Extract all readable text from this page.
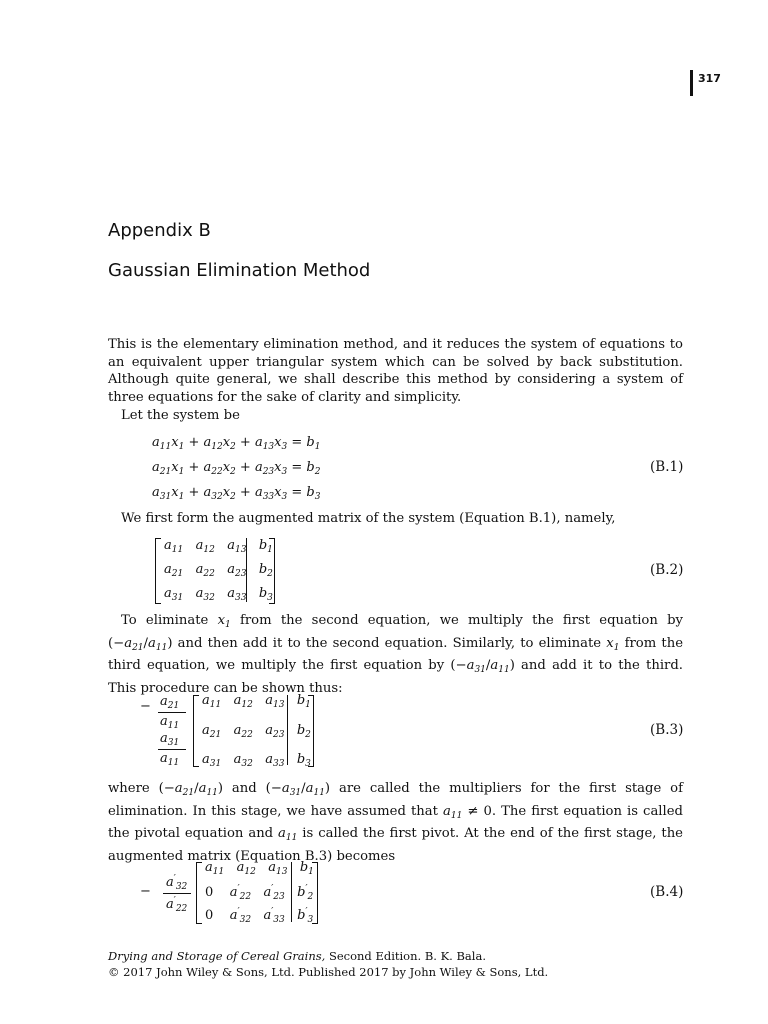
317
Appendix B
Gaussian Elimination Method

This is the elementary elimination method, and it reduces the system of equations to an equivalent upper triangular system which can be solved by back substitution. Although quite general, we shall describe this method by considering a system of three equations for the sake of clarity and simplicity.

Let the system be

$a_{11}x_1 + a_{12}x_2 + a_{13}x_3 = b_1$
$a_{21}x_1 + a_{22}x_2 + a_{23}x_3 = b_2$
$a_{31}x_1 + a_{32}x_2 + a_{33}x_3 = b_3$
(B.1)

We first form the augmented matrix of the system (Equation B.1), namely,

$a_{11}$   $a_{12}$   $a_{13}$   $b_1$
$a_{21}$   $a_{22}$   $a_{23}$   $b_2$
$a_{31}$   $a_{32}$   $a_{33}$   $b_3$
(B.2)

To eliminate $x_1$ from the second equation, we multiply the first equation by $(-a_{21}/a_{11})$ and then add it to the second equation. Similarly, to eliminate $x_1$ from the third equation, we multiply the first equation by $(-a_{31}/a_{11})$ and add it to the third. This procedure can be shown thus:

− $a_{21}$
$a_{11}$
$a_{31}$
$a_{11}$
$a_{11}$   $a_{12}$   $a_{13}$   $b_1$
$a_{21}$   $a_{22}$   $a_{23}$   $b_2$
$a_{31}$   $a_{32}$   $a_{33}$   $b_3$
(B.3)

where $(-a_{21}/a_{11})$ and $(-a_{31}/a_{11})$ are called the multipliers for the first stage of elimination. In this stage, we have assumed that $a_{11} \ne 0$. The first equation is called the pivotal equation and $a_{11}$ is called the first pivot. At the end of the first stage, the augmented matrix (Equation B.3) becomes

−
$a'_{32}$
$a'_{22}$
$a_{11}$   $a_{12}$   $a_{13}$   $b_1$
0    $a'_{22}$   $a'_{23}$   $b'_2$
0    $a'_{32}$   $a'_{33}$   $b'_3$
(B.4)
Drying and Storage of Cereal Grains, Second Edition. B. K. Bala.
© 2017 John Wiley & Sons, Ltd. Published 2017 by John Wiley & Sons, Ltd.
